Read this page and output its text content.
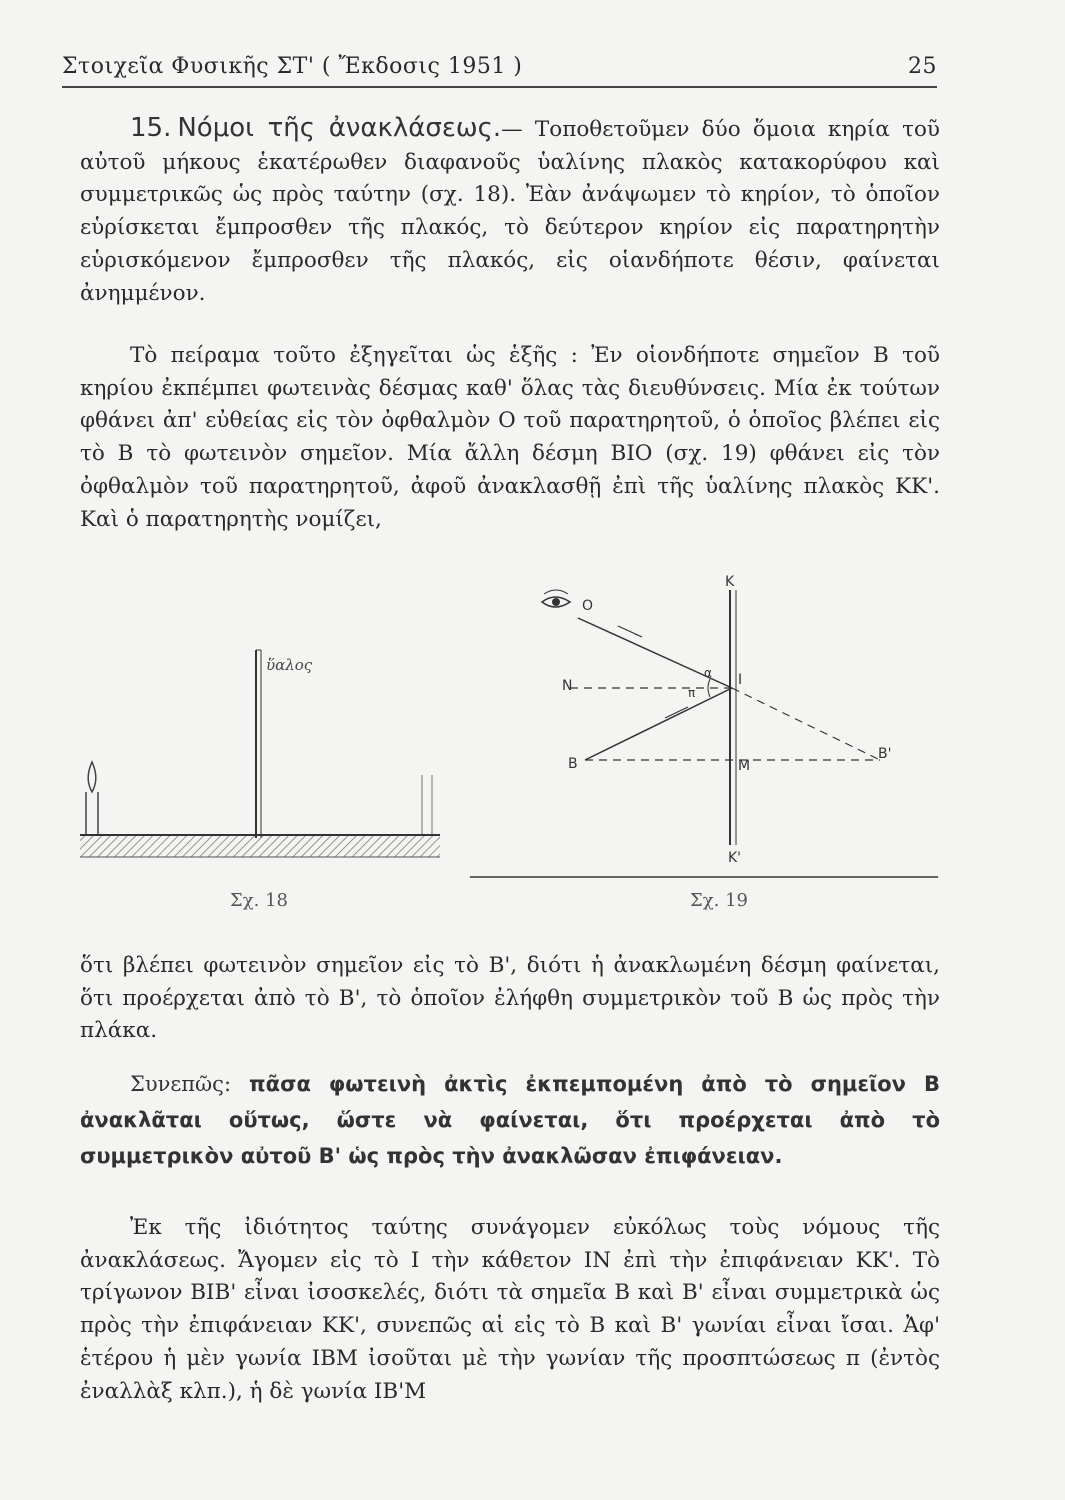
Στοιχεῖα Φυσικῆς ΣΤ' ( Ἔκδοσις 1951 )	25

15. Νόμοι τῆς ἀνακλάσεως.— Τοποθετοῦμεν δύο ὅμοια κηρία τοῦ αὐτοῦ μήκους ἑκατέρωθεν διαφανοῦς ὑαλίνης πλακὸς κατακορύφου καὶ συμμετρικῶς ὡς πρὸς ταύτην (σχ. 18). Ἐὰν ἀνάψωμεν τὸ κηρίον, τὸ ὁποῖον εὑρίσκεται ἔμπροσθεν τῆς πλακός, τὸ δεύτερον κηρίον εἰς παρατηρητὴν εὑρισκόμενον ἔμπροσθεν τῆς πλακός, εἰς οἱανδήποτε θέσιν, φαίνεται ἀνημμένον.

Τὸ πείραμα τοῦτο ἐξηγεῖται ὡς ἑξῆς : Ἐν οἱονδήποτε σημεῖον Β τοῦ κηρίου ἐκπέμπει φωτεινὰς δέσμας καθ' ὅλας τὰς διευθύνσεις. Μία ἐκ τούτων φθάνει ἀπ' εὐθείας εἰς τὸν ὀφθαλμὸν Ο τοῦ παρατηρητοῦ, ὁ ὁποῖος βλέπει εἰς τὸ Β τὸ φωτεινὸν σημεῖον. Μία ἄλλη δέσμη ΒΙΟ (σχ. 19) φθάνει εἰς τὸν ὀφθαλμὸν τοῦ παρατηρητοῦ, ἀφοῦ ἀνακλασθῇ ἐπὶ τῆς ὑαλίνης πλακὸς ΚΚ'. Καὶ ὁ παρατηρητὴς νομίζει,

ὕαλος
Σχ. 18
Κ
Ο
Ν
α
π
Ι
Β	Μ
Β'
Κ'
Σχ. 19

ὅτι βλέπει φωτεινὸν σημεῖον εἰς τὸ Β', διότι ἡ ἀνακλωμένη δέσμη φαίνεται, ὅτι προέρχεται ἀπὸ τὸ Β', τὸ ὁποῖον ἐλήφθη συμμετρικὸν τοῦ Β ὡς πρὸς τὴν πλάκα.

Συνεπῶς: πᾶσα φωτεινὴ ἀκτὶς ἐκπεμπομένη ἀπὸ τὸ σημεῖον Β ἀνακλᾶται οὕτως, ὥστε νὰ φαίνεται, ὅτι προέρχεται ἀπὸ τὸ συμμετρικὸν αὐτοῦ Β' ὡς πρὸς τὴν ἀνακλῶσαν ἐπιφάνειαν.

Ἐκ τῆς ἰδιότητος ταύτης συνάγομεν εὐκόλως τοὺς νόμους τῆς ἀνακλάσεως. Ἄγομεν εἰς τὸ Ι τὴν κάθετον ΙΝ ἐπὶ τὴν ἐπιφάνειαν ΚΚ'. Τὸ τρίγωνον ΒΙΒ' εἶναι ἰσοσκελές, διότι τὰ σημεῖα Β καὶ Β' εἶναι συμμετρικὰ ὡς πρὸς τὴν ἐπιφάνειαν ΚΚ', συνεπῶς αἱ εἰς τὸ Β καὶ Β' γωνίαι εἶναι ἴσαι. Ἀφ' ἑτέρου ἡ μὲν γωνία ΙΒΜ ἰσοῦται μὲ τὴν γωνίαν τῆς προσπτώσεως π (ἐντὸς ἐναλλὰξ κλπ.), ἡ δὲ γωνία ΙΒ'Μ
